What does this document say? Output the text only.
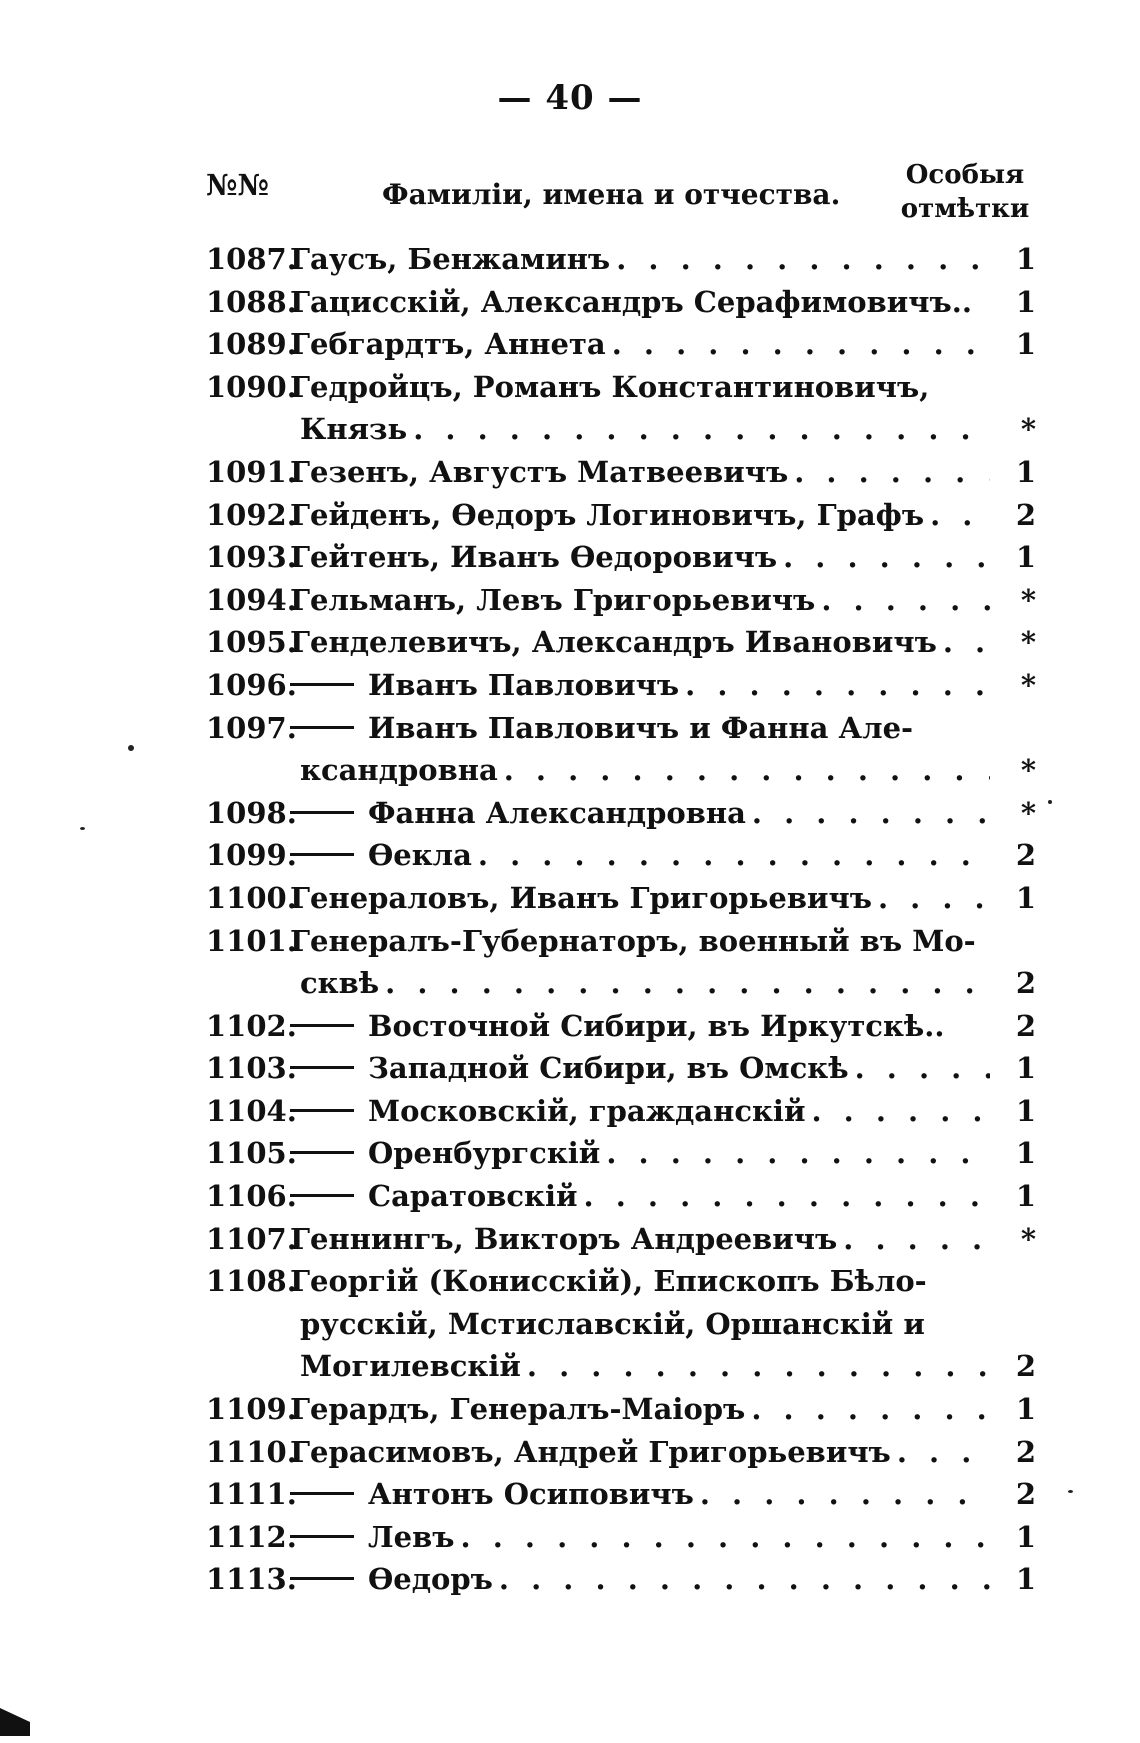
— 40 —
№№	Фамиліи, имена и отчества.
Особыя
отмѣтки
1087.
Гаусъ, Бенжаминъ . . .	1
1088.
Гацисскій, Александръ Серафимовичъ..	1
1089.
Гебгардтъ, Аннета . . .	1
1090.
Гедройцъ, Романъ Константиновичъ,
Князь . . .	*
1091.
Гезенъ, Августъ Матвеевичъ . . .	1
1092.
Гейденъ, Ѳедоръ Логиновичъ, Графъ . . .	2
1093.
Гейтенъ, Иванъ Ѳедоровичъ . . .	1
1094.
Гельманъ, Левъ Григорьевичъ . . .	*
1095.
Генделевичъ, Александръ Ивановичъ . . .	*
1096. Иванъ Павловичъ . . .	*
1097. Иванъ Павловичъ и Фанна Але-
ксандровна . . .	*
1098. Фанна Александровна . . .	*
1099. Ѳекла . . .	2
1100.
Генераловъ, Иванъ Григорьевичъ . . .	1
1101.
Генералъ-Губернаторъ, военный въ Мо-
сквѣ . . .	2
1102. Восточной Сибири, въ Иркутскѣ..	2
1103. Западной Сибири, въ Омскѣ . . .	1
1104. Московскій, гражданскій . . .	1
1105. Оренбургскій . . .	1
1106. Саратовскій . . .	1
1107.
Геннингъ, Викторъ Андреевичъ . . .	*
1108.
Георгій (Конисскій), Епископъ Бѣло-
русскій, Мстиславскій, Оршанскій и
Могилевскій . . .	2
1109.
Герардъ, Генералъ-Маіоръ . . .	1
1110.
Герасимовъ, Андрей Григорьевичъ . . .	2
1111. Антонъ Осиповичъ . . .	2
1112. Левъ . . .	1
1113. Ѳедоръ . . .	1
